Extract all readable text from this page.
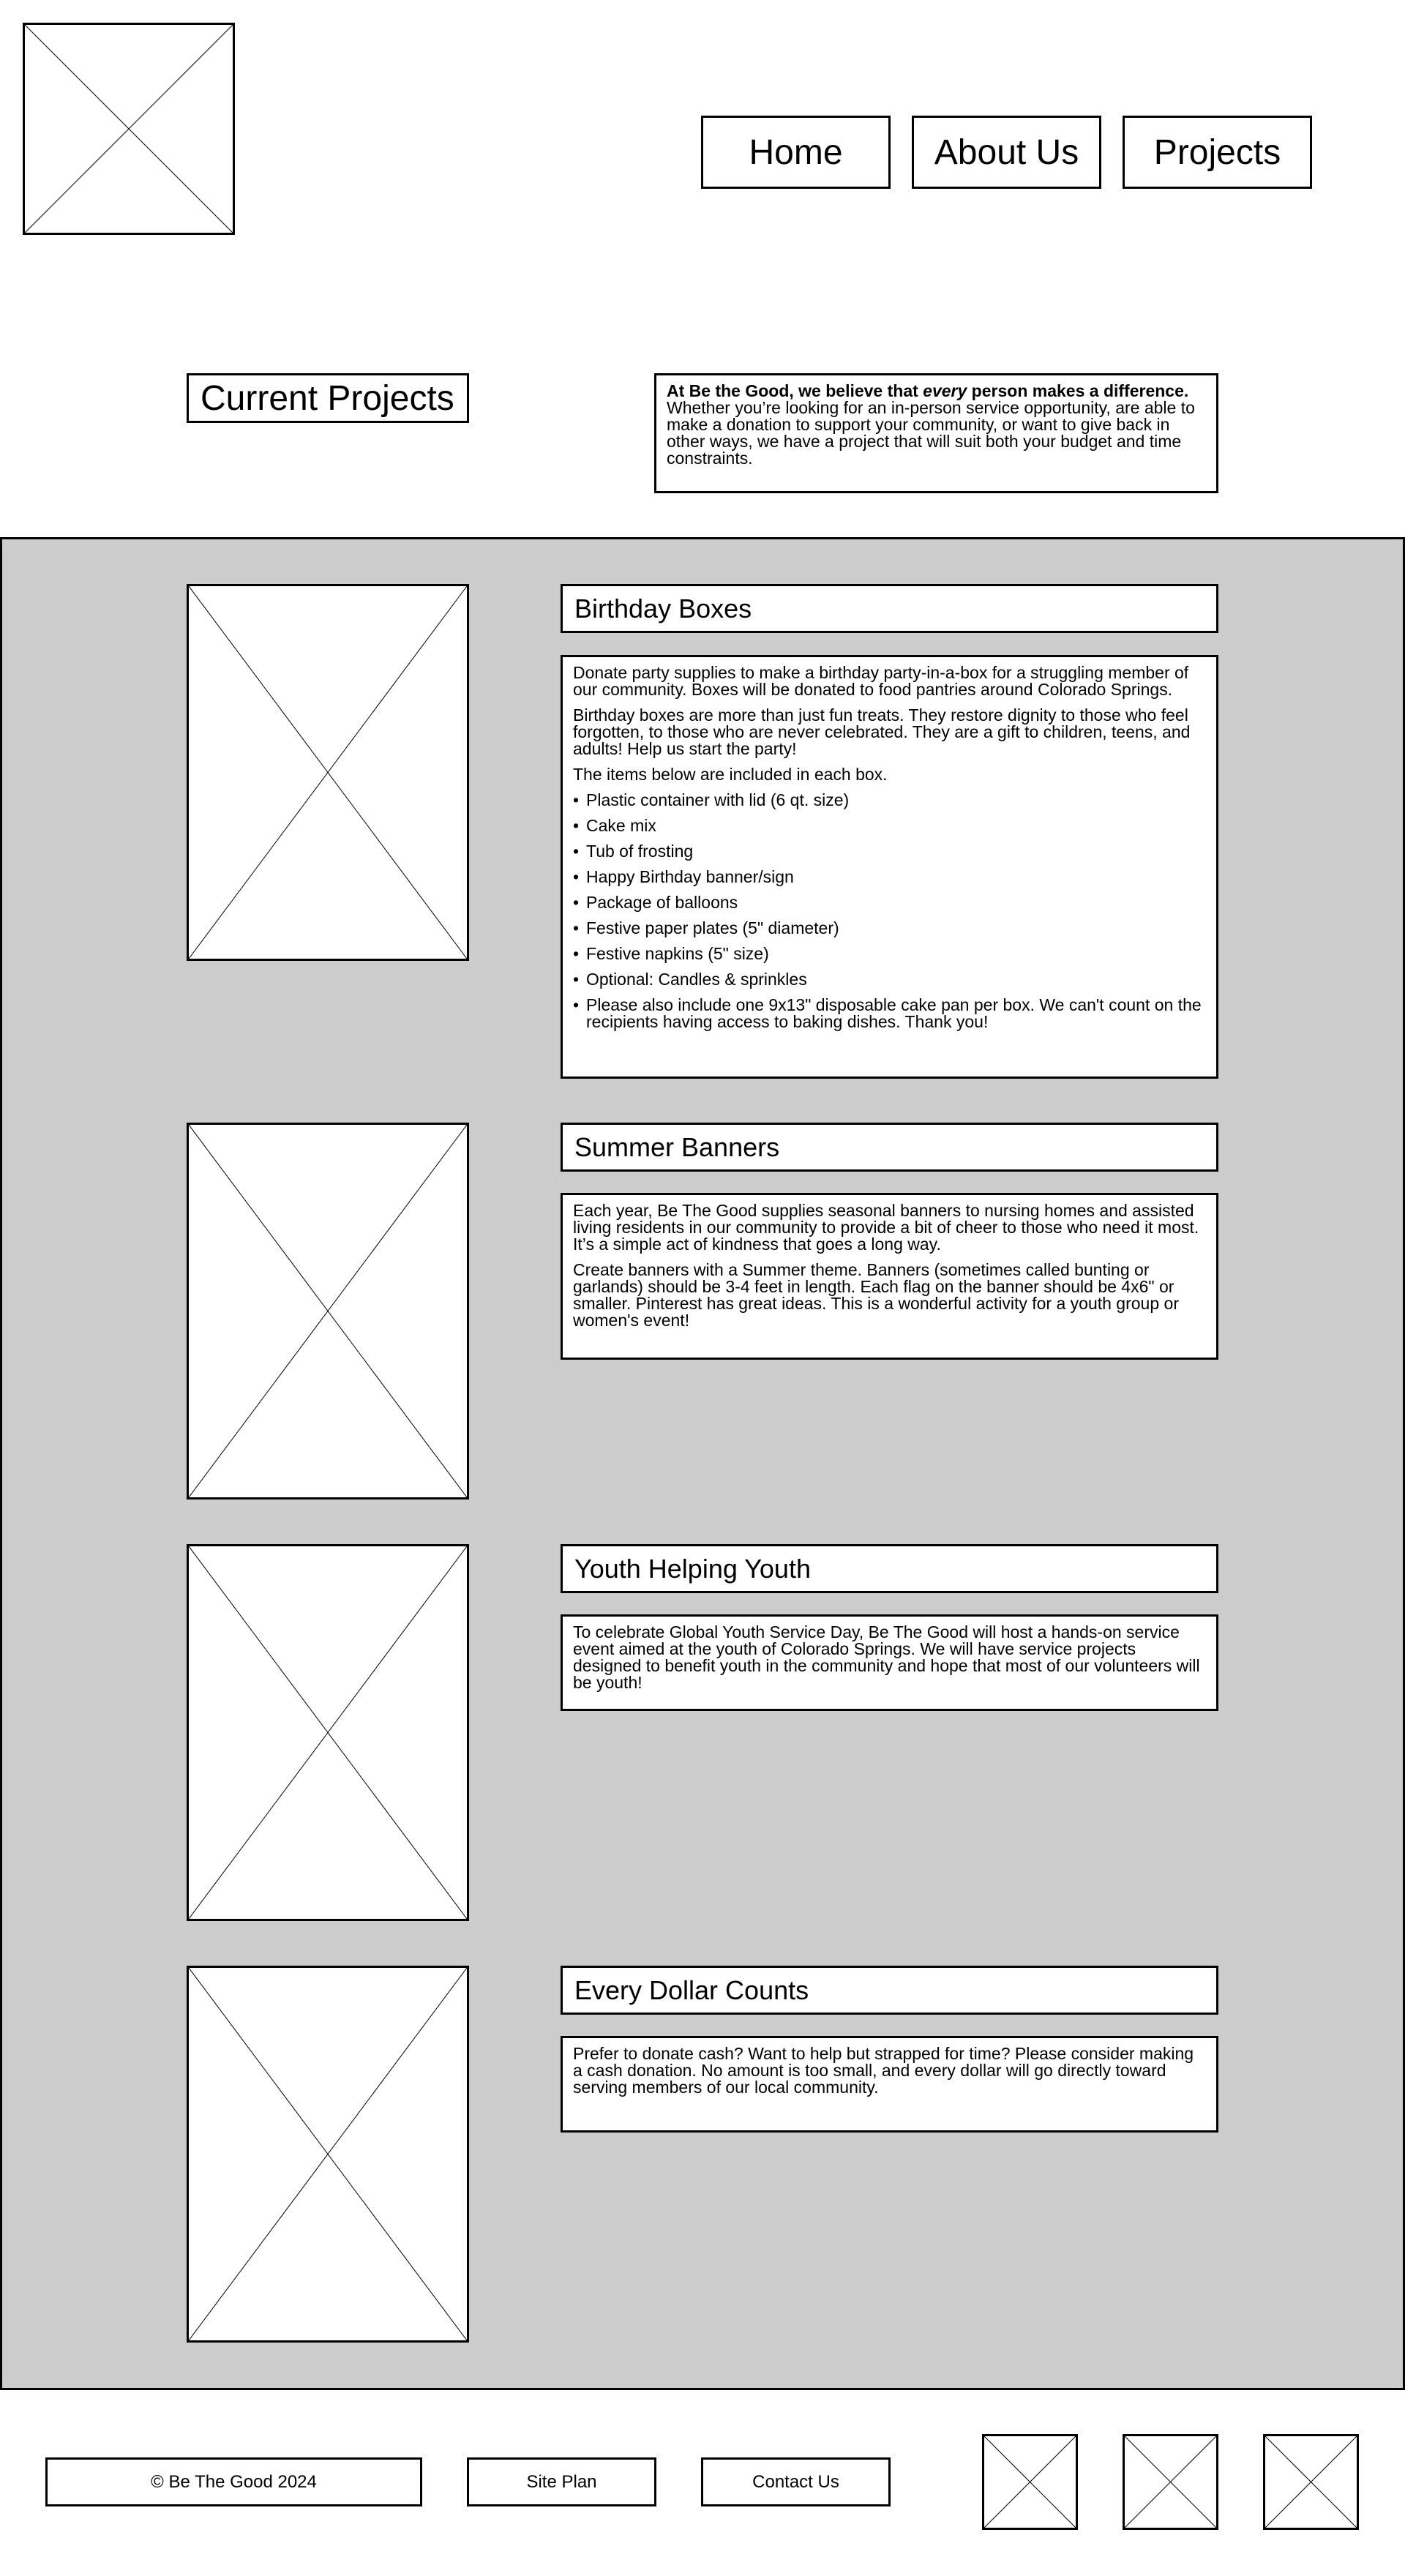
Home	About Us	Projects
Current Projects	At Be the Good, we believe that every person makes a difference. Whether you’re looking for an in-person service opportunity, are able to make a donation to support your community, or want to give back in other ways, we have a project that will suit both your budget and time constraints.
Birthday Boxes

Donate party supplies to make a birthday party-in-a-box for a struggling member of our community. Boxes will be donated to food pantries around Colorado Springs.

Birthday boxes are more than just fun treats. They restore dignity to those who feel forgotten, to those who are never celebrated. They are a gift to children, teens, and adults! Help us start the party!

The items below are included in each box.

• Plastic container with lid (6 qt. size)
• Cake mix
• Tub of frosting
• Happy Birthday banner/sign
• Package of balloons
• Festive paper plates (5" diameter)
• Festive napkins (5" size)
• Optional: Candles & sprinkles
• Please also include one 9x13" disposable cake pan per box. We can't count on the recipients having access to baking dishes. Thank you!
Summer Banners

Each year, Be The Good supplies seasonal banners to nursing homes and assisted living residents in our community to provide a bit of cheer to those who need it most. It’s a simple act of kindness that goes a long way.

Create banners with a Summer theme. Banners (sometimes called bunting or garlands) should be 3-4 feet in length. Each flag on the banner should be 4x6" or smaller. Pinterest has great ideas. This is a wonderful activity for a youth group or women's event!

Youth Helping Youth

To celebrate Global Youth Service Day, Be The Good will host a hands-on service event aimed at the youth of Colorado Springs. We will have service projects designed to benefit youth in the community and hope that most of our volunteers will be youth!

Every Dollar Counts

Prefer to donate cash? Want to help but strapped for time? Please consider making a cash donation. No amount is too small, and every dollar will go directly toward serving members of our local community.

© Be The Good 2024	Site Plan	Contact Us
